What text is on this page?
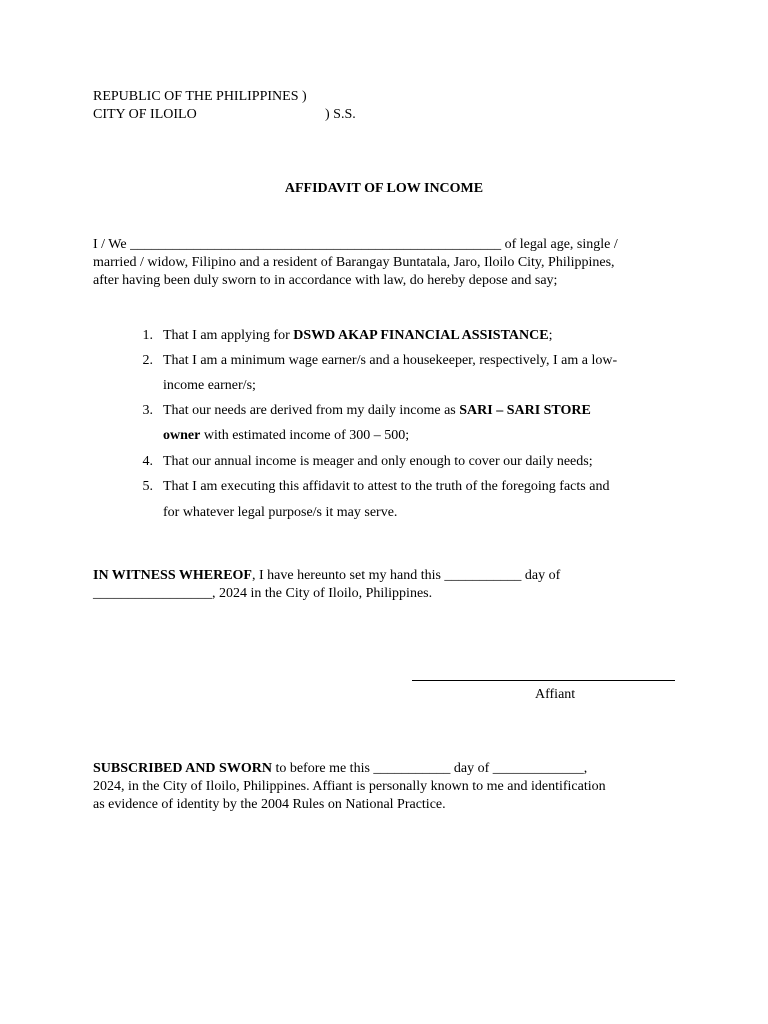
REPUBLIC OF THE PHILIPPINES )
CITY OF ILOILO	) S.S.
AFFIDAVIT OF LOW INCOME
I / We _____________________________________________________ of legal age, single /
married / widow, Filipino and a resident of Barangay Buntatala, Jaro, Iloilo City, Philippines,
after having been duly sworn to in accordance with law, do hereby depose and say;
1. That I am applying for DSWD AKAP FINANCIAL ASSISTANCE;
2. That I am a minimum wage earner/s and a housekeeper, respectively, I am a low-
income earner/s;
3. That our needs are derived from my daily income as SARI – SARI STORE
owner with estimated income of 300 – 500;
4. That our annual income is meager and only enough to cover our daily needs;
5. That I am executing this affidavit to attest to the truth of the foregoing facts and
for whatever legal purpose/s it may serve.
IN WITNESS WHEREOF, I have hereunto set my hand this ___________ day of
_________________, 2024 in the City of Iloilo, Philippines.
Affiant
SUBSCRIBED AND SWORN to before me this ___________ day of _____________,
2024, in the City of Iloilo, Philippines. Affiant is personally known to me and identification
as evidence of identity by the 2004 Rules on National Practice.
